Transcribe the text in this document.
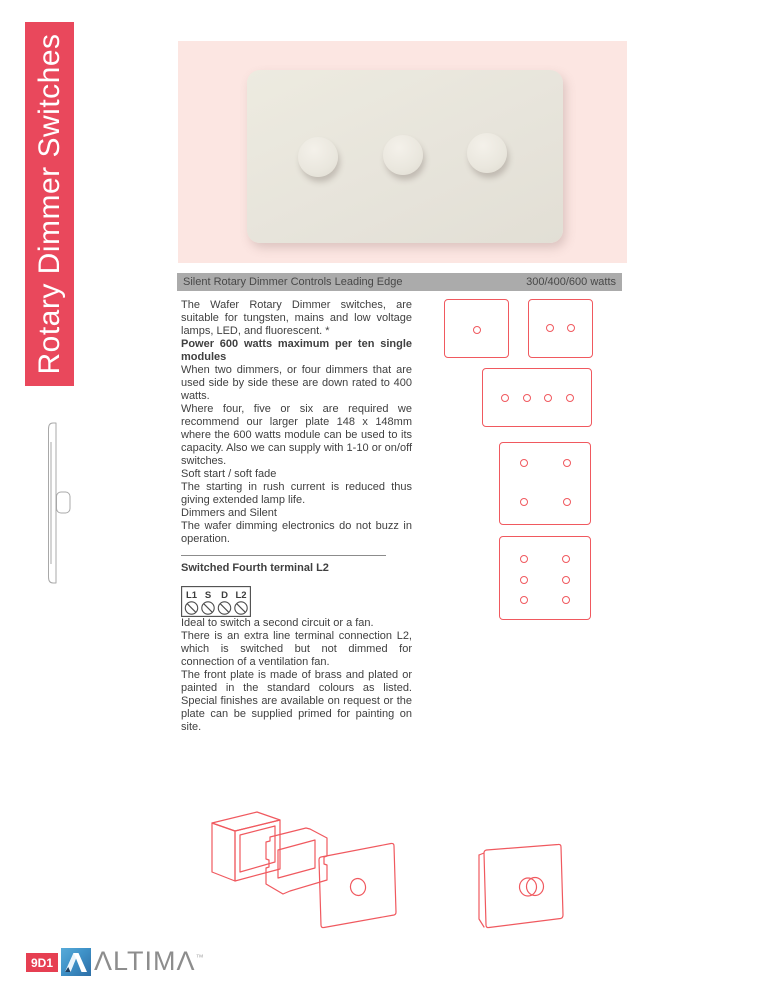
Rotary Dimmer Switches	Silent Rotary Dimmer Controls Leading Edge	300/400/600 watts

The Wafer Rotary Dimmer switches, are suitable for tungsten, mains and low voltage lamps, LED, and fluorescent. *

Power 600 watts maximum per ten single modules

When two dimmers, or four dimmers that are used side by side these are down rated to 400 watts.

Where four, five or six are required we recommend our larger plate 148 x 148mm where the 600 watts module can be used to its capacity. Also we can supply with 1-10 or on/off switches.

Soft start / soft fade

The starting in rush current is reduced thus giving extended lamp life.

Dimmers and Silent

The wafer dimming electronics do not buzz in operation.

Switched Fourth terminal L2

L1 S D L2

Ideal to switch a second circuit or a fan.

There is an extra line terminal connection L2, which is switched but not dimmed for connection of a ventilation fan.

The front plate is made of brass and plated or painted in the standard colours as listed. Special finishes are available on request or the plate can be supplied primed for painting on site.

9D1 ΛLTIMΛ™
